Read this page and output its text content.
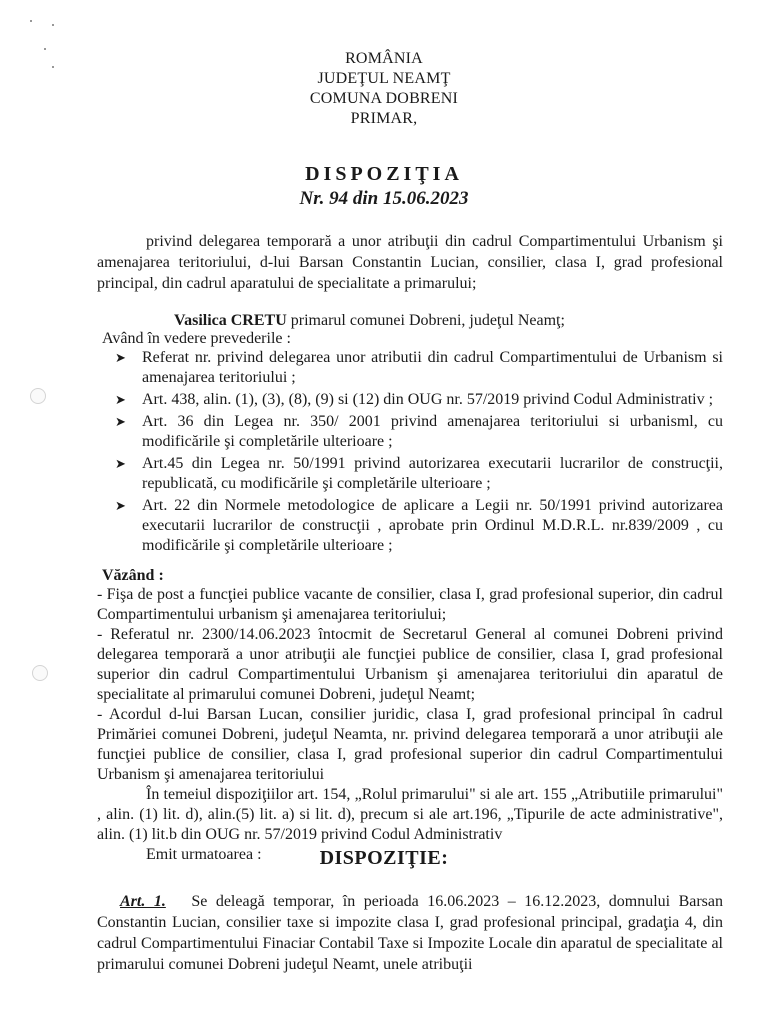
ROMÂNIA
JUDEŢUL NEAMŢ
COMUNA DOBRENI
PRIMAR,
DISPOZIŢIA
Nr. 94 din 15.06.2023

privind delegarea temporară a unor atribuţii din cadrul Compartimentului Urbanism şi amenajarea teritoriului, d-lui Barsan Constantin Lucian, consilier, clasa I, grad profesional principal, din cadrul aparatului de specialitate a primarului;

Vasilica CRETU primarul comunei Dobreni, judeţul Neamţ;
Având în vedere prevederile :
➤ Referat nr. privind delegarea unor atributii din cadrul Compartimentului de Urbanism si amenajarea teritoriului ;
➤ Art. 438, alin. (1), (3), (8), (9) si (12) din OUG nr. 57/2019 privind Codul Administrativ ;
➤ Art. 36 din Legea nr. 350/ 2001 privind amenajarea teritoriului si urbanisml, cu modificările şi completările ulterioare ;
➤ Art.45 din Legea nr. 50/1991 privind autorizarea executarii lucrarilor de construcţii, republicată, cu modificările şi completările ulterioare ;
➤ Art. 22 din Normele metodologice de aplicare a Legii nr. 50/1991 privind autorizarea executarii lucrarilor de construcţii , aprobate prin Ordinul M.D.R.L. nr.839/2009 , cu modificările şi completările ulterioare ;
Văzând :

- Fişa de post a funcţiei publice vacante de consilier, clasa I, grad profesional superior, din cadrul Compartimentului urbanism şi amenajarea teritoriului;

- Referatul nr. 2300/14.06.2023 întocmit de Secretarul General al comunei Dobreni privind delegarea temporară a unor atribuţii ale funcţiei publice de consilier, clasa I, grad profesional superior din cadrul Compartimentului Urbanism şi amenajarea teritoriului din aparatul de specialitate al primarului comunei Dobreni, judeţul Neamt;

- Acordul d-lui Barsan Lucan, consilier juridic, clasa I, grad profesional principal în cadrul Primăriei comunei Dobreni, judeţul Neamta, nr. privind delegarea temporară a unor atribuţii ale funcţiei publice de consilier, clasa I, grad profesional superior din cadrul Compartimentului Urbanism şi amenajarea teritoriului

În temeiul dispoziţiilor art. 154, „Rolul primarului" si ale art. 155 „Atributiile primarului" , alin. (1) lit. d), alin.(5) lit. a) si lit. d), precum si ale art.196, „Tipurile de acte administrative", alin. (1) lit.b din OUG nr. 57/2019 privind Codul Administrativ

Emit urmatoarea :	DISPOZIŢIE:

Art. 1. Se deleagă temporar, în perioada 16.06.2023 – 16.12.2023, domnului Barsan Constantin Lucian, consilier taxe si impozite clasa I, grad profesional principal, gradaţia 4, din cadrul Compartimentului Finaciar Contabil Taxe si Impozite Locale din aparatul de specialitate al primarului comunei Dobreni judeţul Neamt, unele atribuţii
